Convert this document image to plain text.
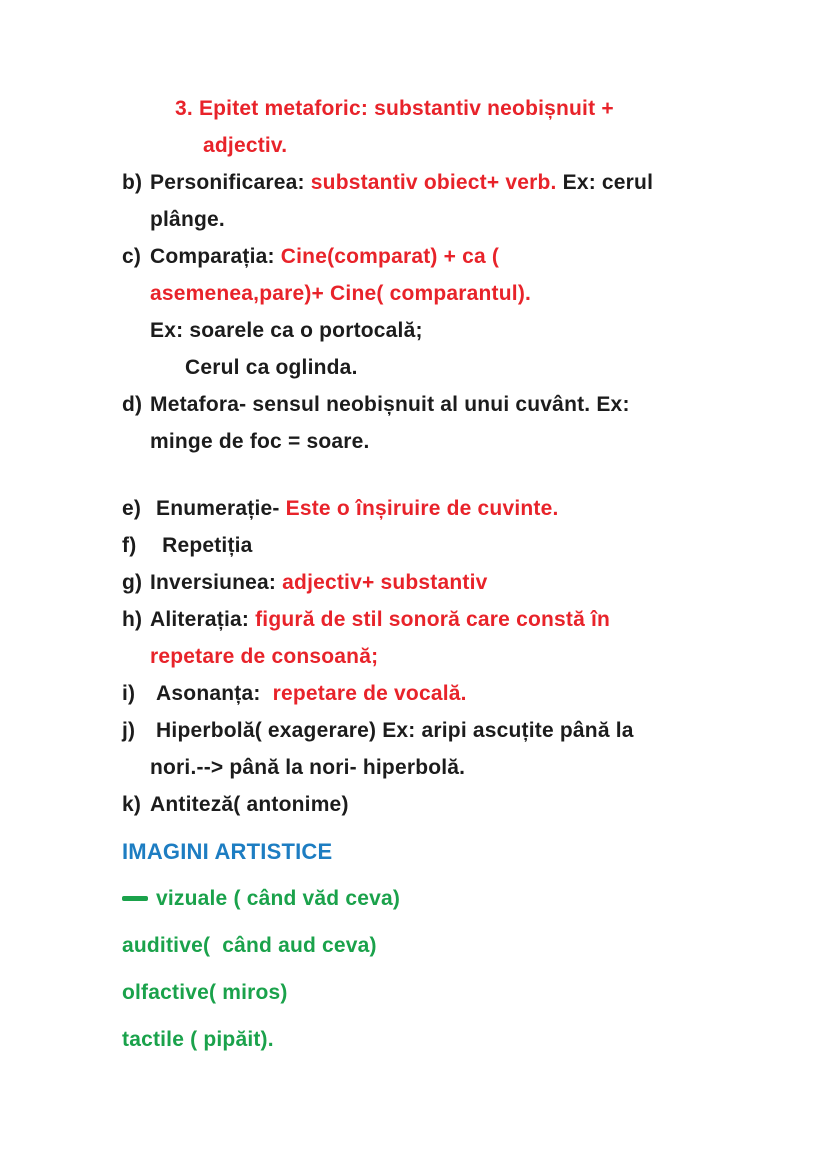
3. Epitet metaforic: substantiv neobișnuit +
adjectiv.
b) Personificarea: substantiv obiect+ verb. Ex: cerul
plânge.
c) Comparația: Cine(comparat) + ca (
asemenea,pare)+ Cine( comparantul).
Ex: soarele ca o portocală;
Cerul ca oglinda.
d) Metafora- sensul neobișnuit al unui cuvânt. Ex:
minge de foc = soare.
e) Enumerație- Este o înșiruire de cuvinte.
f) Repetiția
g) Inversiunea: adjectiv+ substantiv
h) Aliterația: figură de stil sonoră care constă în
repetare de consoană;
i) Asonanța:  repetare de vocală.
j) Hiperbolă( exagerare) Ex: aripi ascuțite până la
nori.--> până la nori- hiperbolă.
k) Antiteză( antonime)
IMAGINI ARTISTICE
vizuale ( când văd ceva)
auditive(  când aud ceva)
olfactive( miros)
tactile ( pipăit).
